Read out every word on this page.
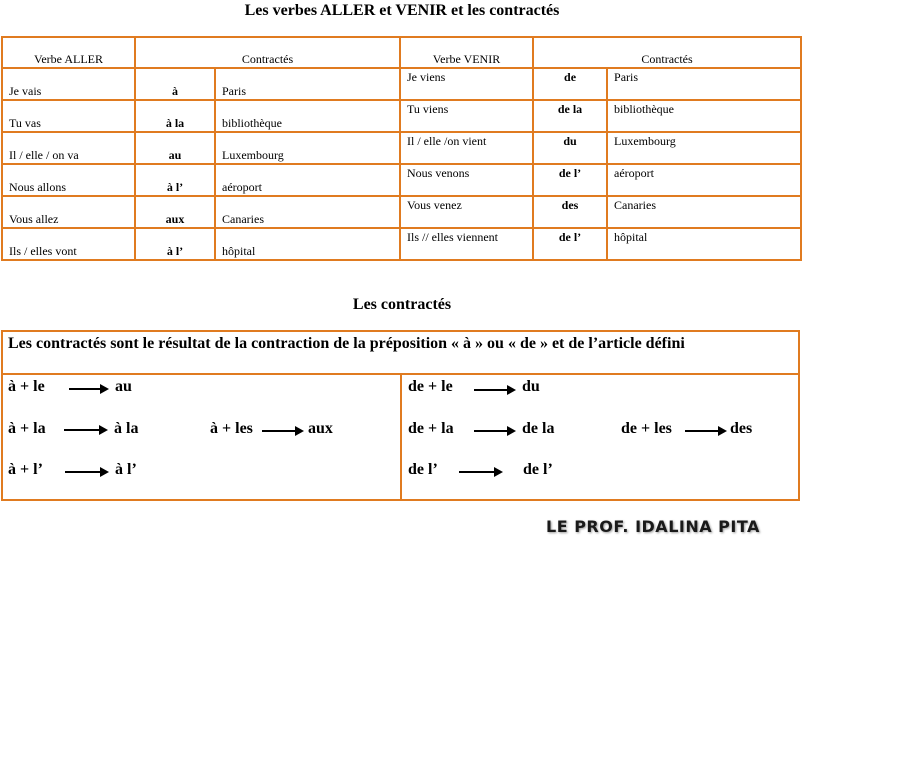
Les verbes ALLER et VENIR et les contractés
Verbe ALLER	Contractés		Verbe VENIR	Contractés	
Je vais	à	Paris	Je viens	de	Paris
Tu vas	à la	bibliothèque	Tu viens	de la	bibliothèque
Il / elle / on va	au	Luxembourg	Il / elle /on vient	du	Luxembourg
Nous allons	à l’	aéroport	Nous venons	de l’	aéroport
Vous allez	aux	Canaries	Vous venez	des	Canaries
Ils / elles vont	à l’	hôpital	Ils // elles viennent	de l’	hôpital
Les contractés
Les contractés sont le résultat de la contraction de la préposition « à » ou « de » et de l’article défini
à + le	au
à + la	à la	à + les	aux
à + l’	à l’
de + le	du
de + la	de la	de + les	des
de l’	de l’
LE PROF. IDALINA PITA
